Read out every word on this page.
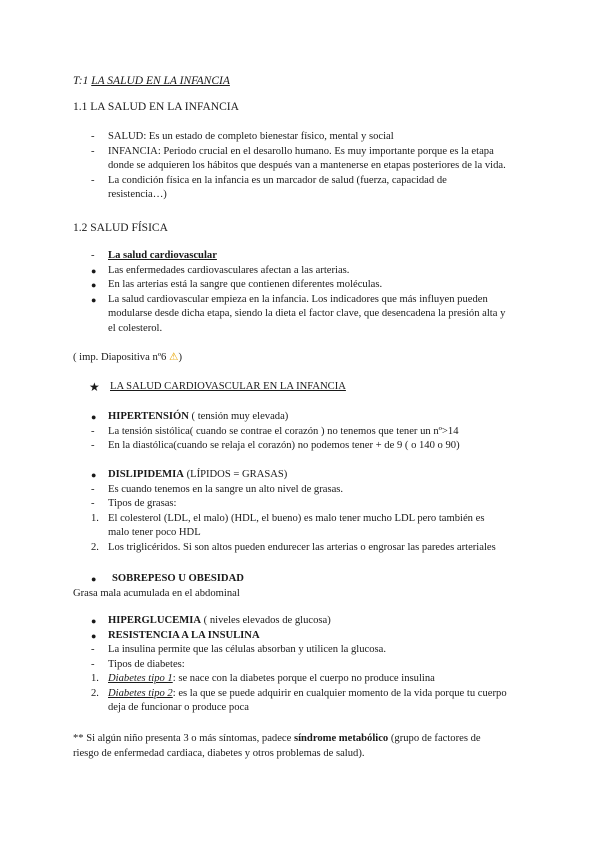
T:1 LA SALUD EN LA INFANCIA
1.1 LA SALUD EN LA INFANCIA
-	SALUD: Es un estado de completo bienestar físico, mental y social
-	INFANCIA: Periodo crucial en el desarollo humano. Es muy importante porque es la etapa
donde se adquieren los hábitos que después van a mantenerse en etapas posteriores de la vida.
-	La condición física en la infancia es un marcador de salud (fuerza, capacidad de
resistencia…)
1.2 SALUD FÍSICA
-	La salud cardiovascular
●	Las enfermedades cardiovasculares afectan a las arterias.
●	En las arterias está la sangre que contienen diferentes moléculas.
●	La salud cardiovascular empieza en la infancia. Los indicadores que más influyen pueden
modularse desde dicha etapa, siendo la dieta el factor clave, que desencadena la presión alta y
el colesterol.
( imp. Diapositiva nº6 ⚠)
★ LA SALUD CARDIOVASCULAR EN LA INFANCIA
●	HIPERTENSIÓN ( tensión muy elevada)
-	La tensión sistólica( cuando se contrae el corazón ) no tenemos que tener un nº>14
-	En la diastólica(cuando se relaja el corazón) no podemos tener + de 9 ( o 140 o 90)
●	DISLIPIDEMIA (LÍPIDOS = GRASAS)
-	Es cuando tenemos en la sangre un alto nivel de grasas.
-	Tipos de grasas:
1. El colesterol (LDL, el malo) (HDL, el bueno) es malo tener mucho LDL pero también es
malo tener poco HDL
2. Los triglicéridos. Si son altos pueden endurecer las arterias o engrosar las paredes arteriales
●	SOBREPESO U OBESIDAD
Grasa mala acumulada en el abdominal
●	HIPERGLUCEMIA ( niveles elevados de glucosa)
●	RESISTENCIA A LA INSULINA
-	La insulina permite que las células absorban y utilicen la glucosa.
-	Tipos de diabetes:
1. Diabetes tipo 1: se nace con la diabetes porque el cuerpo no produce insulina
2. Diabetes tipo 2: es la que se puede adquirir en cualquier momento de la vida porque tu cuerpo
deja de funcionar o produce poca
** Si algún niño presenta 3 o más síntomas, padece síndrome metabólico (grupo de factores de
riesgo de enfermedad cardiaca, diabetes y otros problemas de salud).
